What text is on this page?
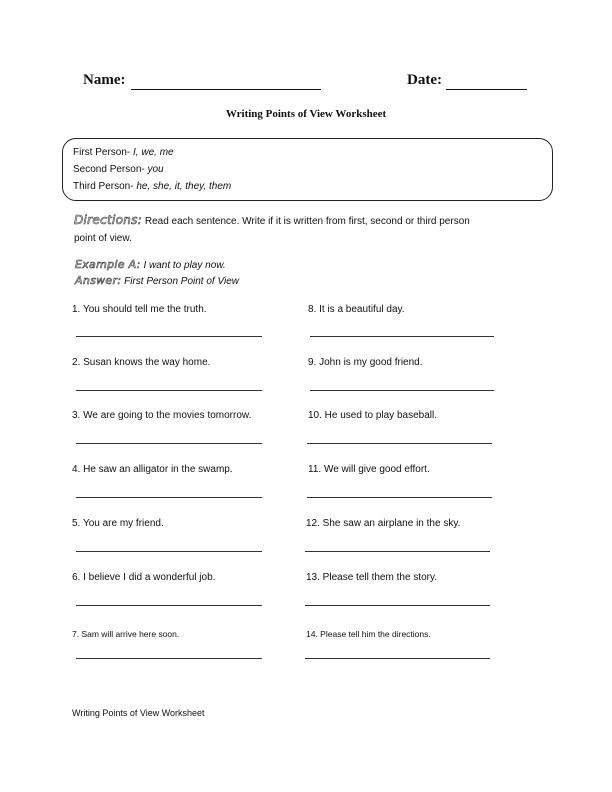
Name:	Date:
Writing Points of View Worksheet
First Person- I, we, me
Second Person- you
Third Person- he, she, it, they, them
Directions: Read each sentence. Write if it is written from first, second or third person
point of view.
Example A: I want to play now.
Answer: First Person Point of View
1. You should tell me the truth.
2. Susan knows the way home.
3. We are going to the movies tomorrow.
4. He saw an alligator in the swamp.
5. You are my friend.
6. I believe I did a wonderful job.
7. Sam will arrive here soon.
8. It is a beautiful day.
9. John is my good friend.
10. He used to play baseball.
11. We will give good effort.
12. She saw an airplane in the sky.
13. Please tell them the story.
14. Please tell him the directions.
Writing Points of View Worksheet
